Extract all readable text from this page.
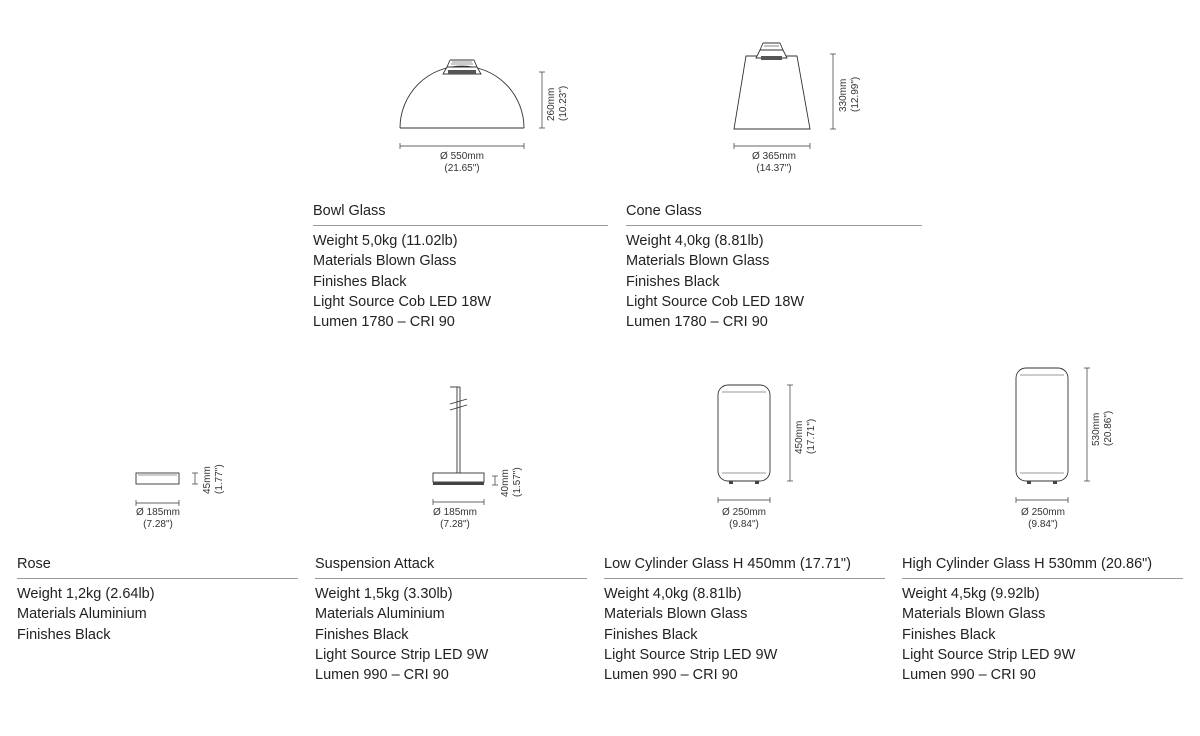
Ø 550mm
(21.65")
260mm (10.23")
Ø 365mm
(14.37")
330mm (12.99")
Ø 185mm
(7.28")
45mm (1.77")
Ø 185mm
(7.28")
40mm (1.57")
Ø 250mm
(9.84")
450mm (17.71")
Ø 250mm
(9.84")
530mm (20.86")
Bowl Glass
Weight 5,0kg (11.02lb)
Materials Blown Glass
Finishes Black
Light Source Cob LED 18W
Lumen 1780 – CRI 90
Cone Glass
Weight 4,0kg (8.81lb)
Materials Blown Glass
Finishes Black
Light Source Cob LED 18W
Lumen 1780 – CRI 90
Rose
Weight 1,2kg (2.64lb)
Materials Aluminium
Finishes Black
Suspension Attack
Weight 1,5kg (3.30lb)
Materials Aluminium
Finishes Black
Light Source Strip LED 9W
Lumen 990 – CRI 90
Low Cylinder Glass H 450mm (17.71")
Weight 4,0kg (8.81lb)
Materials Blown Glass
Finishes Black
Light Source Strip LED 9W
Lumen 990 – CRI 90
High Cylinder Glass H 530mm (20.86")
Weight 4,5kg (9.92lb)
Materials Blown Glass
Finishes Black
Light Source Strip LED 9W
Lumen 990 – CRI 90
